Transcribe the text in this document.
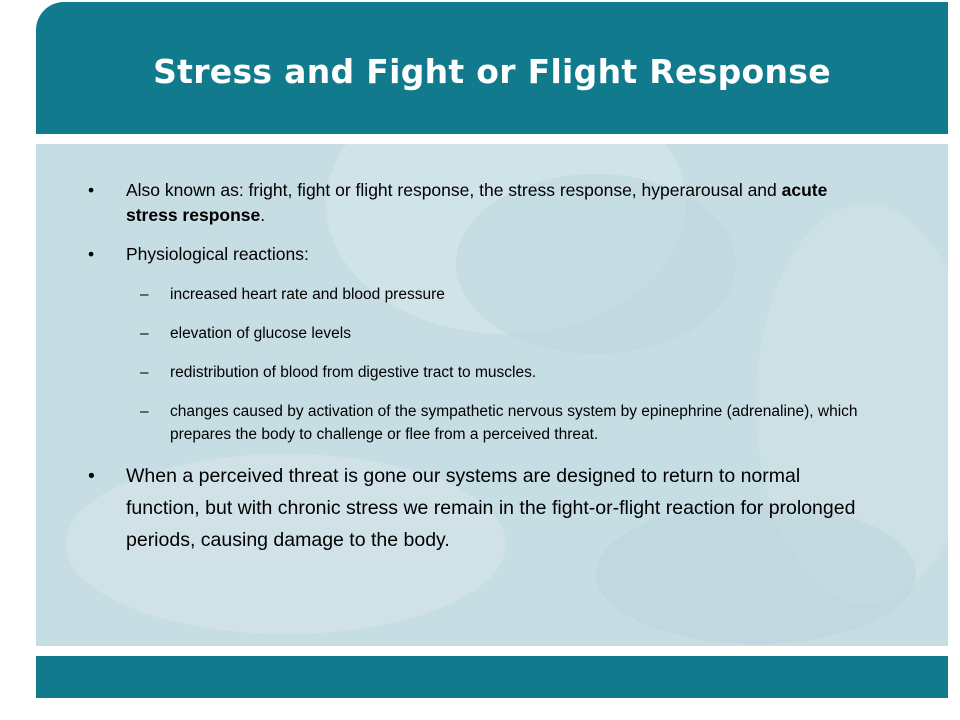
Stress and Fight or Flight Response
•	Also known as: fright, fight or flight response, the stress response, hyperarousal and acute stress response.
•	Physiological reactions:
–	increased heart rate and blood pressure
–	elevation of glucose levels
–	redistribution of blood from digestive tract to muscles.
–	changes caused by activation of the sympathetic nervous system by epinephrine (adrenaline), which prepares the body to challenge or flee from a perceived threat.
•	When a perceived threat is gone our systems are designed to return to normal function, but with chronic stress we remain in the fight-or-flight reaction for prolonged periods, causing damage to the body.
